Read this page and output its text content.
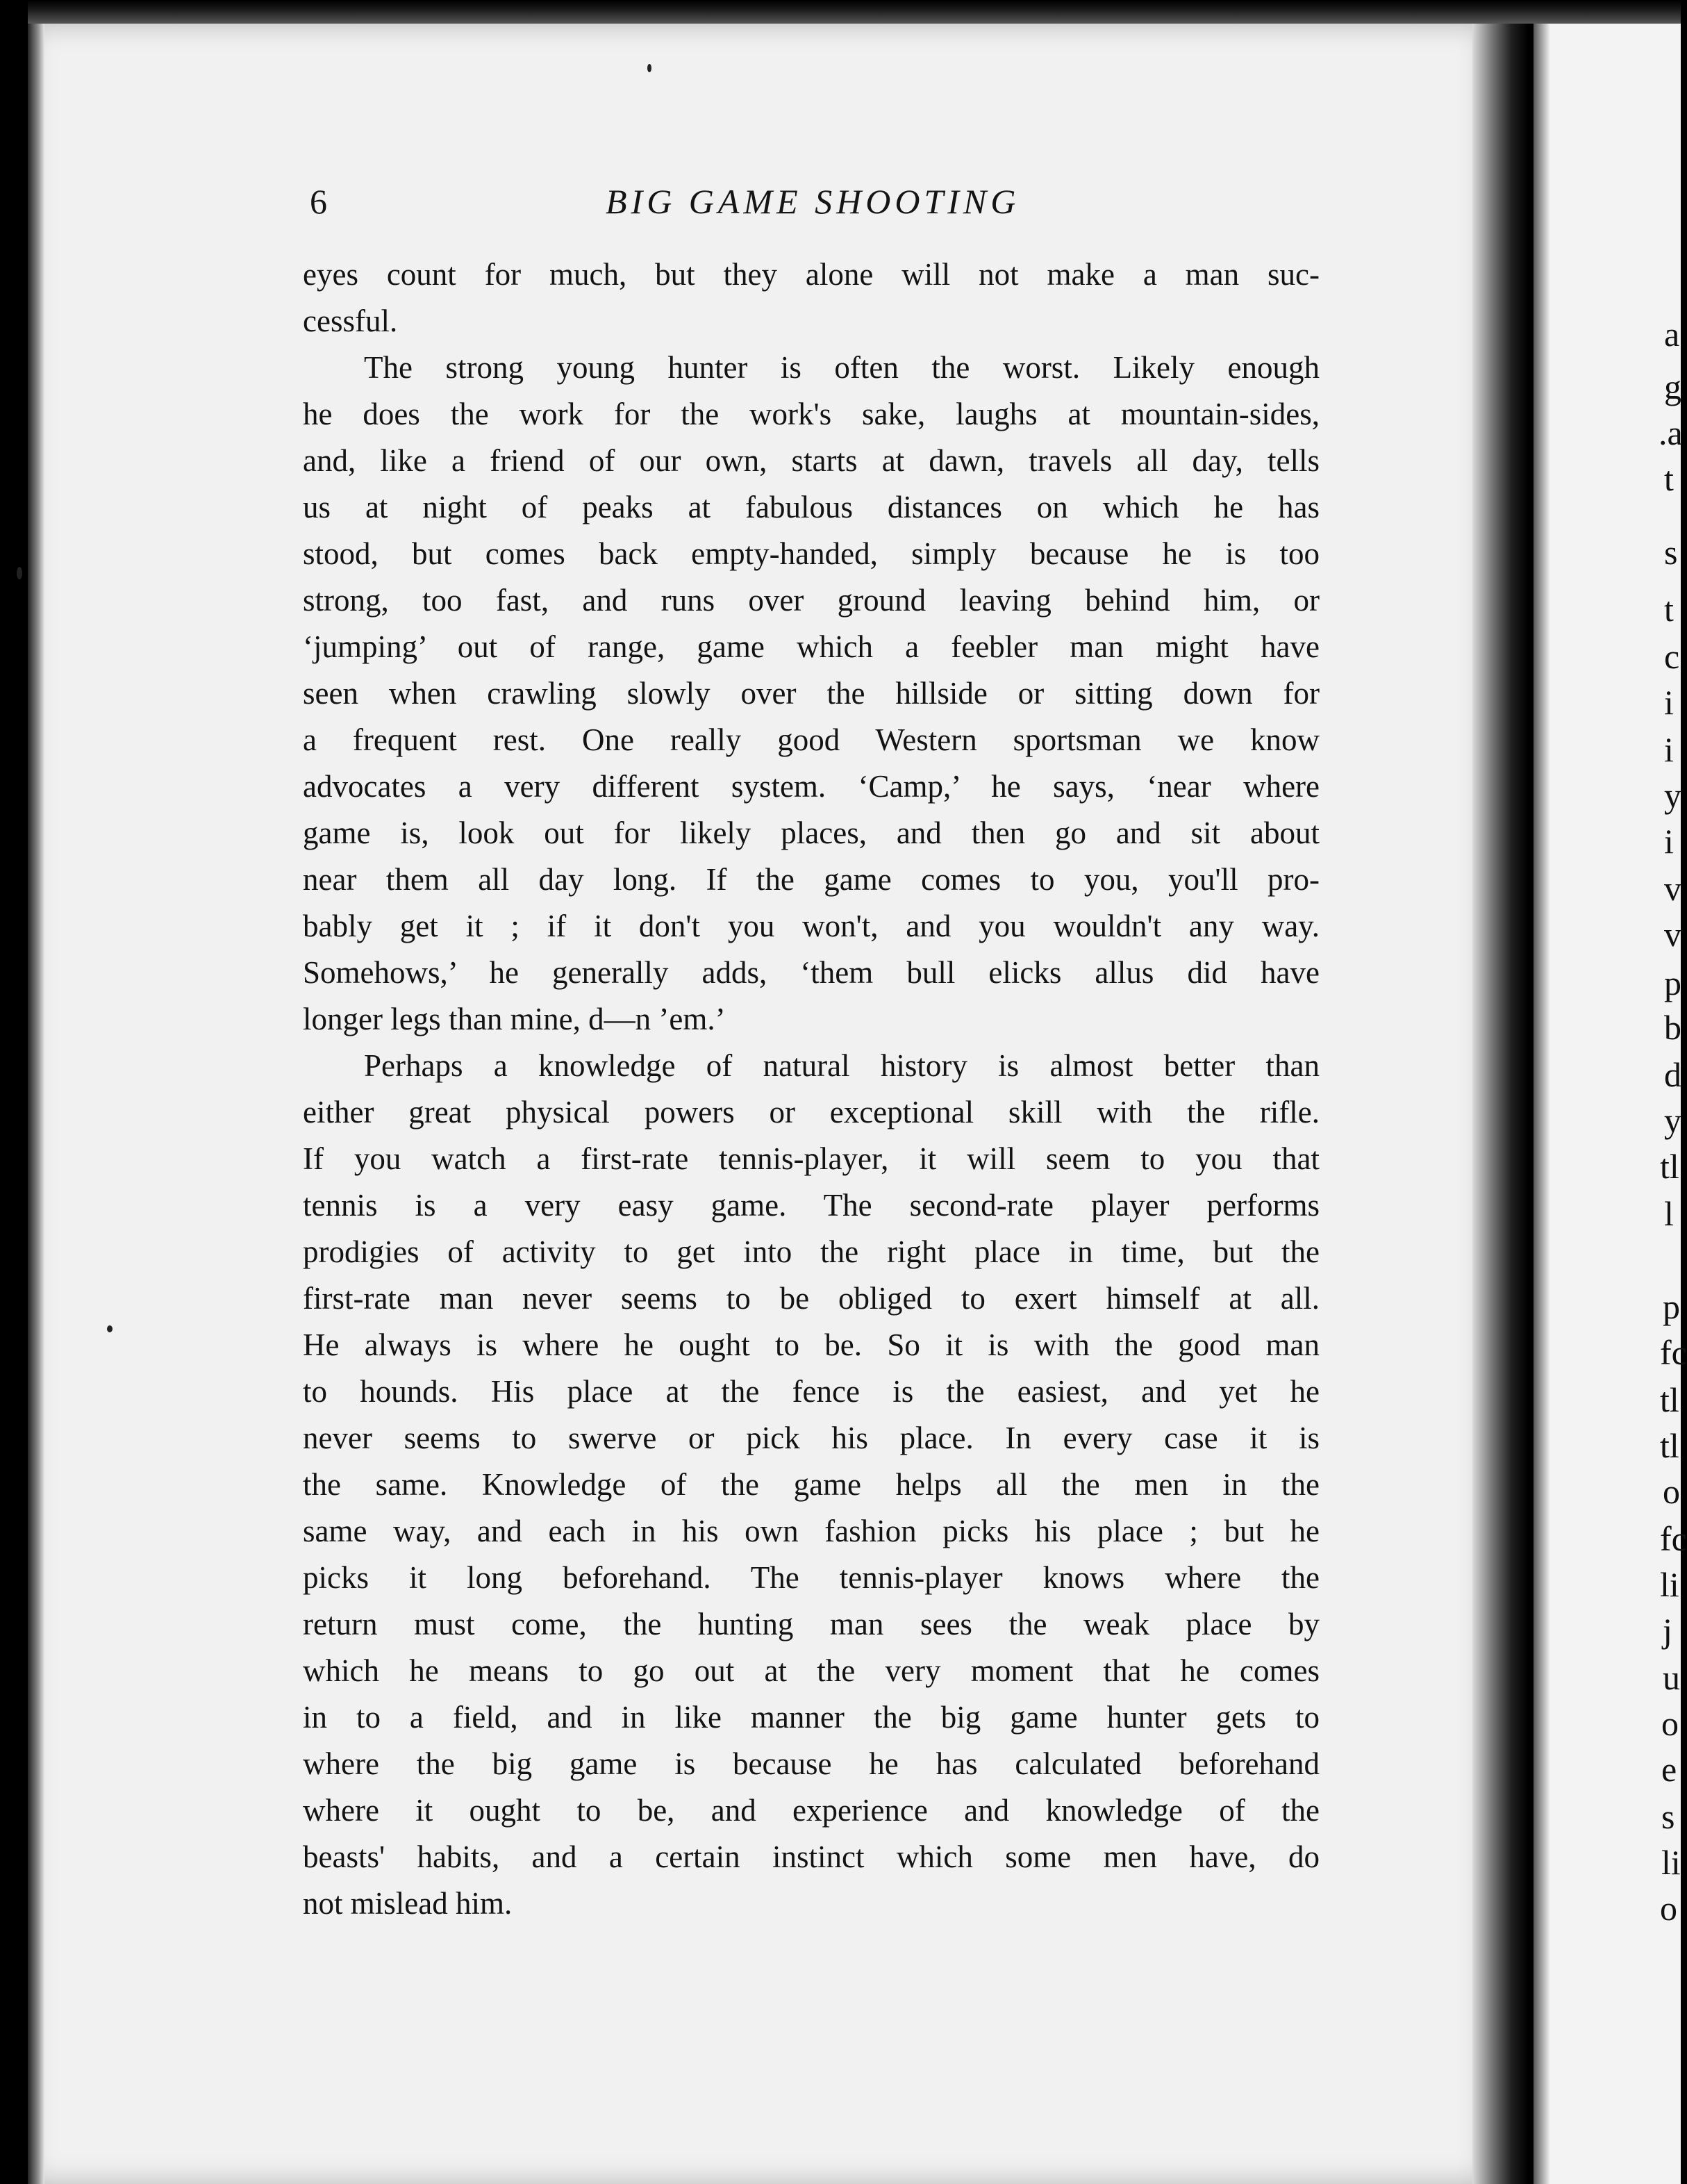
6	BIG GAME SHOOTING
eyes count for much, but they alone will not make a man suc-
cessful.
The strong young hunter is often the worst. Likely enough
he does the work for the work's sake, laughs at mountain-sides,
and, like a friend of our own, starts at dawn, travels all day, tells
us at night of peaks at fabulous distances on which he has
stood, but comes back empty-handed, simply because he is too
strong, too fast, and runs over ground leaving behind him, or
‘jumping’ out of range, game which a feebler man might have
seen when crawling slowly over the hillside or sitting down for
a frequent rest. One really good Western sportsman we know
advocates a very different system. ‘Camp,’ he says, ‘near where
game is, look out for likely places, and then go and sit about
near them all day long. If the game comes to you, you'll pro-
bably get it ; if it don't you won't, and you wouldn't any way.
Somehows,’ he generally adds, ‘them bull elicks allus did have
longer legs than mine, d—n ’em.’
Perhaps a knowledge of natural history is almost better than
either great physical powers or exceptional skill with the rifle.
If you watch a first-rate tennis-player, it will seem to you that
tennis is a very easy game. The second-rate player performs
prodigies of activity to get into the right place in time, but the
first-rate man never seems to be obliged to exert himself at all.
He always is where he ought to be. So it is with the good man
to hounds. His place at the fence is the easiest, and yet he
never seems to swerve or pick his place. In every case it is
the same. Knowledge of the game helps all the men in the
same way, and each in his own fashion picks his place ; but he
picks it long beforehand. The tennis-player knows where the
return must come, the hunting man sees the weak place by
which he means to go out at the very moment that he comes
in to a field, and in like manner the big game hunter gets to
where the big game is because he has calculated beforehand
where it ought to be, and experience and knowledge of the
beasts' habits, and a certain instinct which some men have, do
not mislead him.
a
g
.a
t
s
t
c
i
i
y
i
v
v
p
b
d
y
tl
l
p
fc
tl
tl
o
fc
li
j
u
o
e
s
li
o
